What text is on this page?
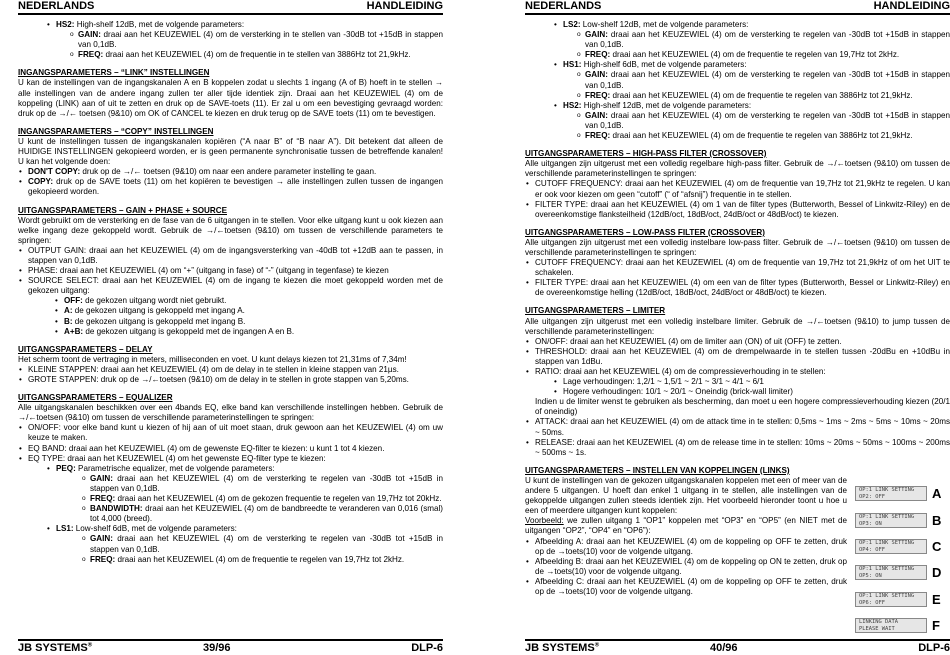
NEDERLANDS	HANDLEIDING
• HS2: High-shelf 12dB, met de volgende parameters:
o GAIN: draai aan het KEUZEWIEL (4) om de versterking in te stellen van -30dB tot +15dB in stappen van 0,1dB.
o FREQ: draai aan het KEUZEWIEL (4) om de frequentie in te stellen van 3886Hz tot 21,9kHz.

INGANGSPARAMETERS – “LINK” INSTELLINGEN

U kan de instellingen van de ingangskanalen A en B koppelen zodat u slechts 1 ingang (A of B) hoeft in te stellen → alle instellingen van de andere ingang zullen ter aller tijde identiek zijn. Draai aan het KEUZEWIEL (4) om de koppeling (LINK) aan of uit te zetten en druk op de SAVE-toets (11). Er zal u om een bevestiging gevraagd worden: druk op de →/← toetsen (9&10) om OK of CANCEL te kiezen en druk terug op de SAVE toets (11) om te bevestigen.

INGANGSPARAMETERS – “COPY” INSTELLINGEN

U kunt de instellingen tussen de ingangskanalen kopiëren (“A naar B” of “B naar A”). Dit betekent dat alleen de HUIDIGE INSTELLINGEN gekopieerd worden, er is geen permanente synchronisatie tussen de betreffende kanalen! U kan het volgende doen:

• DON'T COPY: druk op de →/← toetsen (9&10) om naar een andere parameter instelling te gaan.
• COPY: druk op de SAVE toets (11) om het kopiëren te bevestigen → alle instellingen zullen tussen de ingangen gekopieerd worden.

UITGANGSPARAMETERS – GAIN + PHASE + SOURCE

Wordt gebruikt om de versterking en de fase van de 6 uitgangen in te stellen. Voor elke uitgang kunt u ook kiezen aan welke ingang deze gekoppeld wordt. Gebruik de →/←toetsen (9&10) om tussen de verschillende parameters te springen:

• OUTPUT GAIN: draai aan het KEUZEWIEL (4) om de ingangsversterking van -40dB tot +12dB aan te passen, in stappen van 0,1dB.
• PHASE: draai aan het KEUZEWIEL (4) om “+” (uitgang in fase) of “-” (uitgang in tegenfase) te kiezen
• SOURCE SELECT: draai aan het KEUZEWIEL (4) om de ingang te kiezen die moet gekoppeld worden met de gekozen uitgang:
• OFF: de gekozen uitgang wordt niet gebruikt.
• A: de gekozen uitgang is gekoppeld met ingang A.
• B: de gekozen uitgang is gekoppeld met ingang B.
• A+B: de gekozen uitgang is gekoppeld met de ingangen A en B.

UITGANGSPARAMETERS – DELAY

Het scherm toont de vertraging in meters, milliseconden en voet. U kunt delays kiezen tot 21,31ms of 7,34m!

• KLEINE STAPPEN: draai aan het KEUZEWIEL (4) om de delay in te stellen in kleine stappen van 21µs.
• GROTE STAPPEN: druk op de →/←toetsen (9&10) om de delay in te stellen in grote stappen van 5,20ms.

UITGANGSPARAMETERS – EQUALIZER

Alle uitgangskanalen beschikken over een 4bands EQ, elke band kan verschillende instellingen hebben. Gebruik de →/←toetsen (9&10) om tussen de verschillende parameterinstellingen te springen:

• ON/OFF: voor elke band kunt u kiezen of hij aan of uit moet staan, druk gewoon aan het KEUZEWIEL (4) om uw keuze te maken.
• EQ BAND: draai aan het KEUZEWIEL (4) om de gewenste EQ-filter te kiezen: u kunt 1 tot 4 kiezen.
• EQ TYPE: draai aan het KEUZEWIEL (4) om het gewenste EQ-filter type te kiezen:
• PEQ: Parametrische equalizer, met de volgende parameters:
o GAIN: draai aan het KEUZEWIEL (4) om de versterking te regelen van -30dB tot +15dB in stappen van 0,1dB.
o FREQ: draai aan het KEUZEWIEL (4) om de gekozen frequentie te regelen van 19,7Hz tot 20kHz.
o BANDWIDTH: draai aan het KEUZEWIEL (4) om de bandbreedte te veranderen van 0,016 (smal) tot 4,000 (breed).
• LS1: Low-shelf 6dB, met de volgende parameters:
o GAIN: draai aan het KEUZEWIEL (4) om de versterking te regelen van -30dB tot +15dB in stappen van 0,1dB.
o FREQ: draai aan het KEUZEWIEL (4) om de frequentie te regelen van 19,7Hz tot 2kHz.
JB SYSTEMS®	39/96	DLP-6
NEDERLANDS	HANDLEIDING
• LS2: Low-shelf 12dB, met de volgende parameters:
o GAIN: draai aan het KEUZEWIEL (4) om de versterking te regelen van -30dB tot +15dB in stappen van 0,1dB.
o FREQ: draai aan het KEUZEWIEL (4) om de frequentie te regelen van 19,7Hz tot 2kHz.
• HS1: High-shelf 6dB, met de volgende parameters:
o GAIN: draai aan het KEUZEWIEL (4) om de versterking te regelen van -30dB tot +15dB in stappen van 0,1dB.
o FREQ: draai aan het KEUZEWIEL (4) om de frequentie te regelen van 3886Hz tot 21,9kHz.
• HS2: High-shelf 12dB, met de volgende parameters:
o GAIN: draai aan het KEUZEWIEL (4) om de versterking te regelen van -30dB tot +15dB in stappen van 0,1dB.
o FREQ: draai aan het KEUZEWIEL (4) om de frequentie te regelen van 3886Hz tot 21,9kHz.

UITGANGSPARAMETERS – HIGH-PASS FILTER (CROSSOVER)

Alle uitgangen zijn uitgerust met een volledig regelbare high-pass filter. Gebruik de →/←toetsen (9&10) om tussen de verschillende parameterinstellingen te springen:

• CUTOFF FREQUENCY: draai aan het KEUZEWIEL (4) om de frequentie van 19,7Hz tot 21,9kHz te regelen. U kan er ook voor kiezen om geen “cutoff” (“ of “afsnij”) frequentie in te stellen.
• FILTER TYPE: draai aan het KEUZEWIEL (4) om 1 van de filter types (Butterworth, Bessel of Linkwitz-Riley) en de overeenkomstige flanksteilheid (12dB/oct, 18dB/oct, 24dB/oct or 48dB/oct) te kiezen.

UITGANGSPARAMETERS – LOW-PASS FILTER (CROSSOVER)

Alle uitgangen zijn uitgerust met een volledig instelbare low-pass filter. Gebruik de →/←toetsen (9&10) om tussen de verschillende parameterinstellingen te springen:

• CUTOFF FREQUENCY: draai aan het KEUZEWIEL (4) om de frequentie van 19,7Hz tot 21,9kHz of om het UIT te schakelen.
• FILTER TYPE: draai aan het KEUZEWIEL (4) om een van de filter types (Butterworth, Bessel or Linkwitz-Riley) en de overeenkomstige helling (12dB/oct, 18dB/oct, 24dB/oct or 48dB/oct) te kiezen.

UITGANGSPARAMETERS – LIMITER

Alle uitgangen zijn uitgerust met een volledig instelbare limiter. Gebruik de →/←toetsen (9&10) to jump tussen de verschillende parameterinstellingen:

• ON/OFF: draai aan het KEUZEWIEL (4) om de limiter aan (ON) of uit (OFF) te zetten.
• THRESHOLD: draai aan het KEUZEWIEL (4) om de drempelwaarde in te stellen tussen -20dBu en +10dBu in stappen van 1dBu.
• RATIO: draai aan het KEUZEWIEL (4) om de compressieverhouding in te stellen:
• Lage verhoudingen: 1,2/1 ~ 1,5/1 ~ 2/1 ~ 3/1 ~ 4/1 ~ 6/1
• Hogere verhoudingen: 10/1 ~ 20/1 ~ Oneindig (brick-wall limiter)

Indien u de limiter wenst te gebruiken als bescherming, dan moet u een hogere compressieverhouding kiezen (20/1 of oneindig)

• ATTACK: draai aan het KEUZEWIEL (4) om de attack time in te stellen: 0,5ms ~ 1ms ~ 2ms ~ 5ms ~ 10ms ~ 20ms ~ 50ms.
• RELEASE: draai aan het KEUZEWIEL (4) om de release time in te stellen: 10ms ~ 20ms ~ 50ms ~ 100ms ~ 200ms ~ 500ms ~ 1s.

UITGANGSPARAMETERS – INSTELLEN VAN KOPPELINGEN (LINKS)

U kunt de instellingen van de gekozen uitgangskanalen koppelen met een of meer van de andere 5 uitgangen. U hoeft dan enkel 1 uitgang in te stellen, alle instellingen van de gekoppelde uitgangen zullen steeds identiek zijn. Het voorbeeld hieronder toont u hoe u een of meerdere uitgangen kunt koppelen:

Voorbeeld: we zullen uitgang 1 “OP1” koppelen met “OP3” en “OP5” (en NIET met de uitgangen “OP2”, “OP4” en “OP6”):

• Afbeelding A: draai aan het KEUZEWIEL (4) om de koppeling op OFF te zetten, druk op de →toets(10) voor de volgende uitgang.
• Afbeelding B: draai aan het KEUZEWIEL (4) om de koppeling op ON te zetten, druk op de →toets(10) voor de volgende uitgang.
• Afbeelding C: draai aan het KEUZEWIEL (4) om de koppeling op OFF te zetten, druk op de →toets(10) voor de volgende uitgang.
OP:1 LINK SETTING
OP2: OFF	A
OP:1 LINK SETTING
OP3: ON	B
OP:1 LINK SETTING
OP4: OFF	C
OP:1 LINK SETTING
OP5: ON	D
OP:1 LINK SETTING
OP6: OFF	E
LINKING DATA
PLEASE WAIT	F
JB SYSTEMS®	40/96	DLP-6
